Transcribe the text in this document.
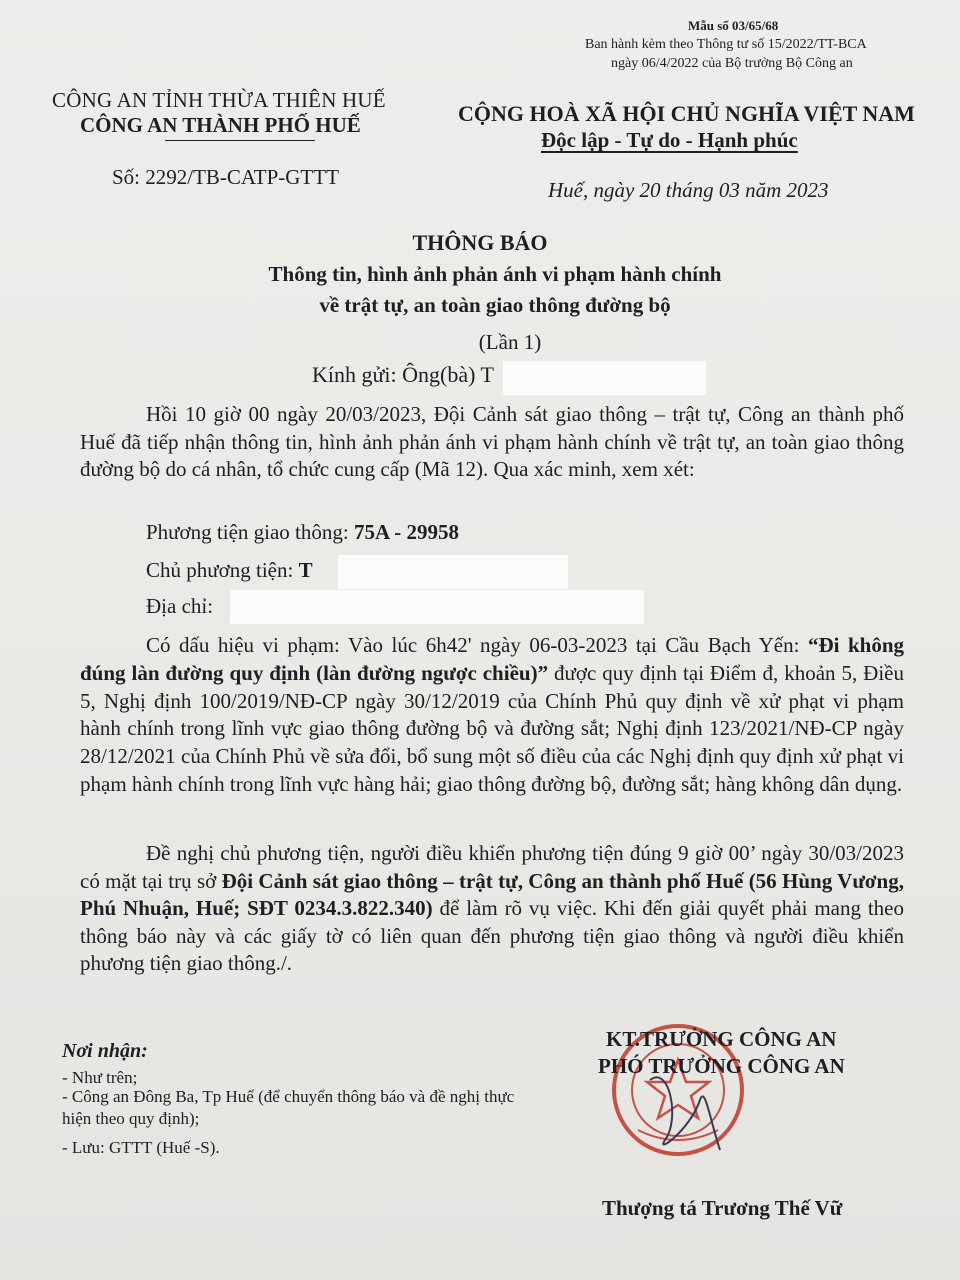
Mẫu số 03/65/68
Ban hành kèm theo Thông tư số 15/2022/TT-BCA
ngày 06/4/2022 của Bộ trưởng Bộ Công an
CÔNG AN TỈNH THỪA THIÊN HUẾ
CÔNG AN THÀNH PHỐ HUẾ	CỘNG HOÀ XÃ HỘI CHỦ NGHĨA VIỆT NAM
Độc lập - Tự do - Hạnh phúc
Số: 2292/TB-CATP-GTTT
Huế, ngày 20 tháng 03 năm 2023
THÔNG BÁO
Thông tin, hình ảnh phản ánh vi phạm hành chính
về trật tự, an toàn giao thông đường bộ
(Lần 1)
Kính gửi: Ông(bà) T
Hồi 10 giờ 00 ngày 20/03/2023, Đội Cảnh sát giao thông – trật tự, Công an thành phố Huế đã tiếp nhận thông tin, hình ảnh phản ánh vi phạm hành chính về trật tự, an toàn giao thông đường bộ do cá nhân, tổ chức cung cấp (Mã 12). Qua xác minh, xem xét:
Phương tiện giao thông: 75A - 29958
Chủ phương tiện: T
Địa chỉ:
Có dấu hiệu vi phạm: Vào lúc 6h42' ngày 06-03-2023 tại Cầu Bạch Yến: “Đi không đúng làn đường quy định (làn đường ngược chiều)” được quy định tại Điểm đ, khoản 5, Điều 5, Nghị định 100/2019/NĐ-CP ngày 30/12/2019 của Chính Phủ quy định về xử phạt vi phạm hành chính trong lĩnh vực giao thông đường bộ và đường sắt; Nghị định 123/2021/NĐ-CP ngày 28/12/2021 của Chính Phủ về sửa đổi, bổ sung một số điều của các Nghị định quy định xử phạt vi phạm hành chính trong lĩnh vực hàng hải; giao thông đường bộ, đường sắt; hàng không dân dụng.
Đề nghị chủ phương tiện, người điều khiển phương tiện đúng 9 giờ 00’ ngày 30/03/2023 có mặt tại trụ sở Đội Cảnh sát giao thông – trật tự, Công an thành phố Huế (56 Hùng Vương, Phú Nhuận, Huế; SĐT 0234.3.822.340) để làm rõ vụ việc. Khi đến giải quyết phải mang theo thông báo này và các giấy tờ có liên quan đến phương tiện giao thông và người điều khiển phương tiện giao thông./.
Nơi nhận:
- Như trên;
- Công an Đông Ba, Tp Huế (để chuyển thông báo và đề nghị thực hiện theo quy định);
- Lưu: GTTT (Huế -S).
KT.TRƯỞNG CÔNG AN
PHÓ TRƯỞNG CÔNG AN
Thượng tá Trương Thế Vữ
